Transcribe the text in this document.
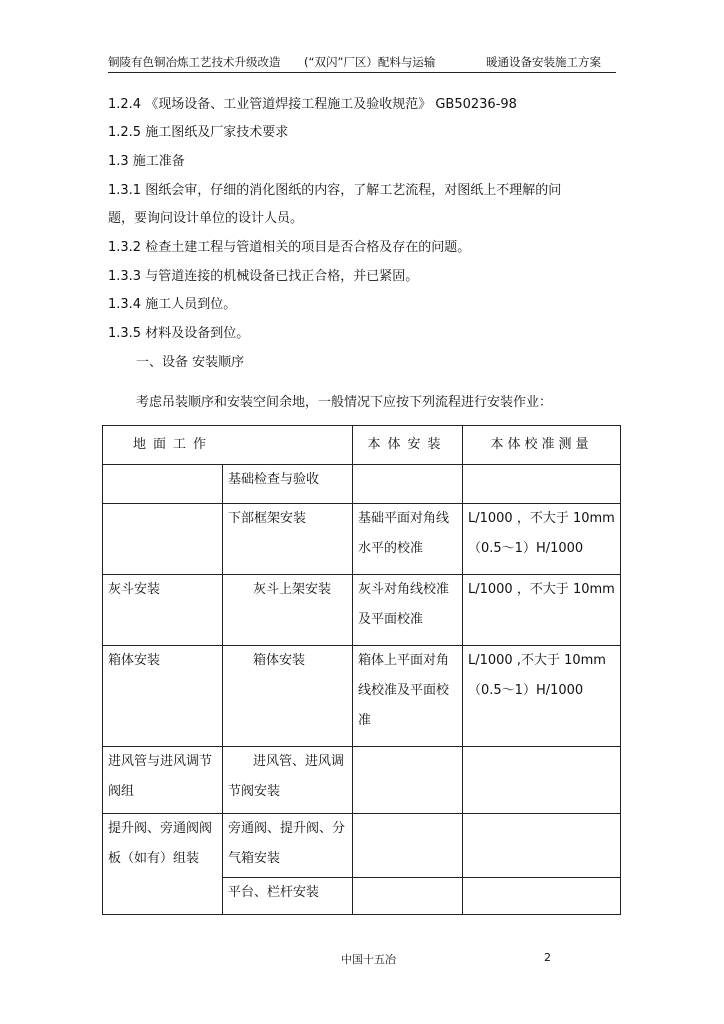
铜陵有色铜冶炼工艺技术升级改造 (“双闪”厂区）配料与运输	暖通设备安装施工方案
1.2.4 《现场设备、工业管道焊接工程施工及验收规范》 GB50236-98
1.2.5 施工图纸及厂家技术要求
1.3 施工准备
1.3.1 图纸会审，仔细的消化图纸的内容，了解工艺流程，对图纸上不理解的问
题，要询问设计单位的设计人员。
1.3.2 检查土建工程与管道相关的项目是否合格及存在的问题。
1.3.3 与管道连接的机械设备已找正合格，并已紧固。
1.3.4 施工人员到位。
1.3.5 材料及设备到位。
一、设备 安装顺序
考虑吊装顺序和安装空间余地，一般情况下应按下列流程进行安装作业：
地面工作		本体安装	本体校准测量
	基础检查与验收		
	下部框架安装	基础平面对角线水平的校准	L/1000 ，不大于 10mm（0.5～1）H/1000
灰斗安装	灰斗上架安装	灰斗对角线校准及平面校准	L/1000 ，不大于 10mm
箱体安装	箱体安装	箱体上平面对角线校准及平面校准	L/1000 ,不大于 10mm（0.5～1）H/1000
进风管与进风调节阀组	进风管、进风调节阀安装		
提升阀、旁通阀阀板（如有）组装	旁通阀、提升阀、分气箱安装		
	平台、栏杆安装		
中国十五冶	2
